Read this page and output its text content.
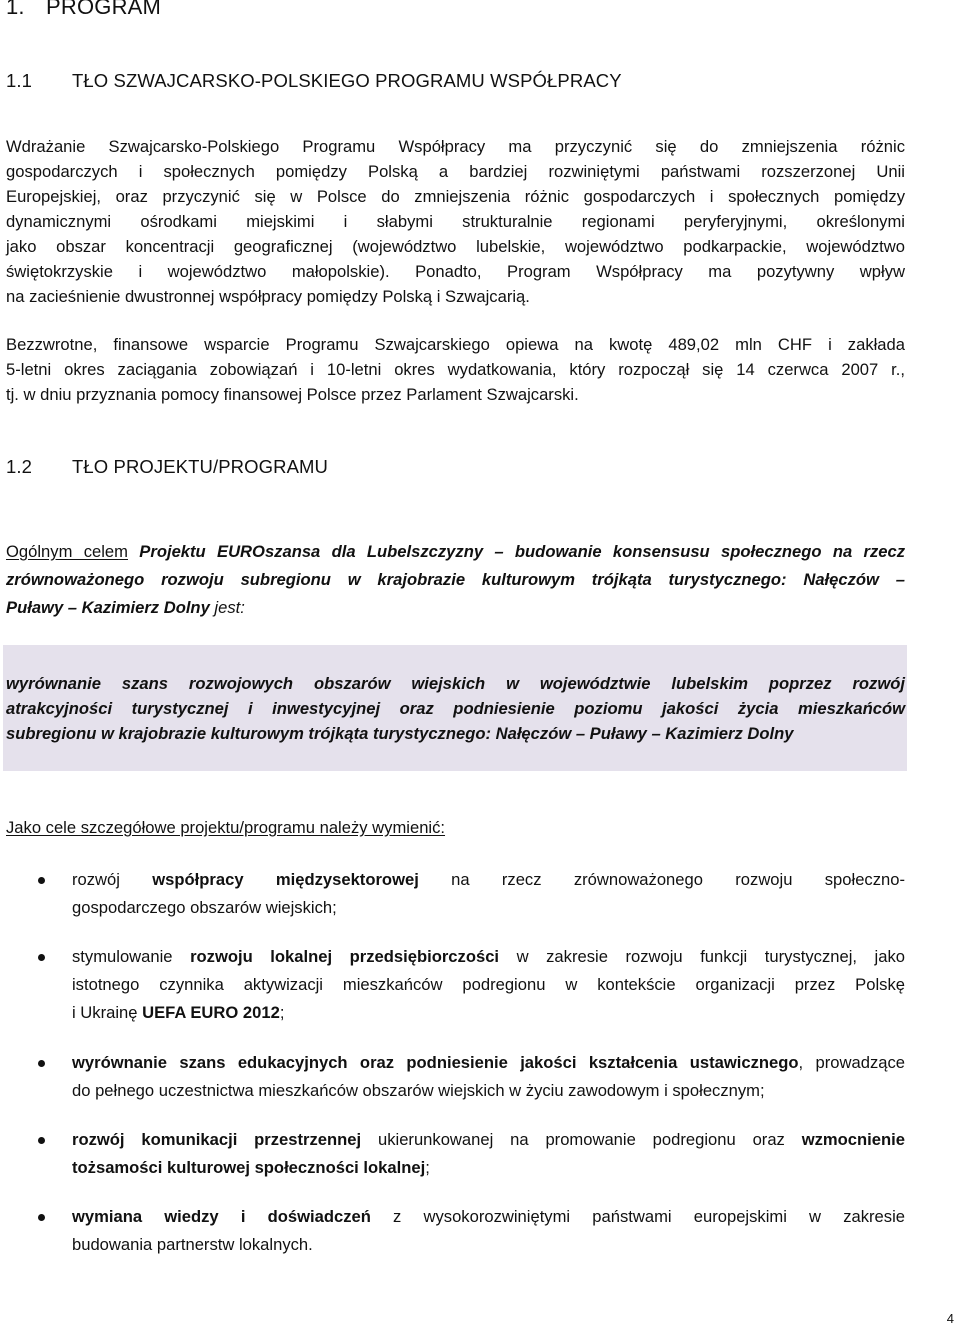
1. PROGRAM
1.1 TŁO SZWAJCARSKO-POLSKIEGO PROGRAMU WSPÓŁPRACY
Wdrażanie Szwajcarsko-Polskiego Programu Współpracy ma przyczynić się do zmniejszenia różnic
gospodarczych i społecznych pomiędzy Polską a bardziej rozwiniętymi państwami rozszerzonej Unii
Europejskiej, oraz przyczynić się w Polsce do zmniejszenia różnic gospodarczych i społecznych pomiędzy
dynamicznymi ośrodkami miejskimi i słabymi strukturalnie regionami peryferyjnymi, określonymi
jako obszar koncentracji geograficznej (województwo lubelskie, województwo podkarpackie, województwo
świętokrzyskie i województwo małopolskie). Ponadto, Program Współpracy ma pozytywny wpływ
na zacieśnienie dwustronnej współpracy pomiędzy Polską i Szwajcarią.
Bezzwrotne, finansowe wsparcie Programu Szwajcarskiego opiewa na kwotę 489,02 mln CHF i zakłada
5-letni okres zaciągania zobowiązań i 10-letni okres wydatkowania, który rozpoczął się 14 czerwca 2007 r.,
tj. w dniu przyznania pomocy finansowej Polsce przez Parlament Szwajcarski.
1.2 TŁO PROJEKTU/PROGRAMU
Ogólnym celem Projektu EUROszansa dla Lubelszczyzny – budowanie konsensusu społecznego na rzecz
zrównoważonego rozwoju subregionu w krajobrazie kulturowym trójkąta turystycznego: Nałęczów –
Puławy – Kazimierz Dolny jest:
wyrównanie szans rozwojowych obszarów wiejskich w województwie lubelskim poprzez rozwój
atrakcyjności turystycznej i inwestycyjnej oraz podniesienie poziomu jakości życia mieszkańców
subregionu w krajobrazie kulturowym trójkąta turystycznego: Nałęczów – Puławy – Kazimierz Dolny
Jako cele szczegółowe projektu/programu należy wymienić:
rozwój współpracy międzysektorowej na rzecz zrównoważonego rozwoju społeczno-
gospodarczego obszarów wiejskich;
stymulowanie rozwoju lokalnej przedsiębiorczości w zakresie rozwoju funkcji turystycznej, jako
istotnego czynnika aktywizacji mieszkańców podregionu w kontekście organizacji przez Polskę
i Ukrainę UEFA EURO 2012;
wyrównanie szans edukacyjnych oraz podniesienie jakości kształcenia ustawicznego, prowadzące
do pełnego uczestnictwa mieszkańców obszarów wiejskich w życiu zawodowym i społecznym;
rozwój komunikacji przestrzennej ukierunkowanej na promowanie podregionu oraz wzmocnienie
tożsamości kulturowej społeczności lokalnej;
wymiana wiedzy i doświadczeń z wysokorozwiniętymi państwami europejskimi w zakresie
budowania partnerstw lokalnych.
4
